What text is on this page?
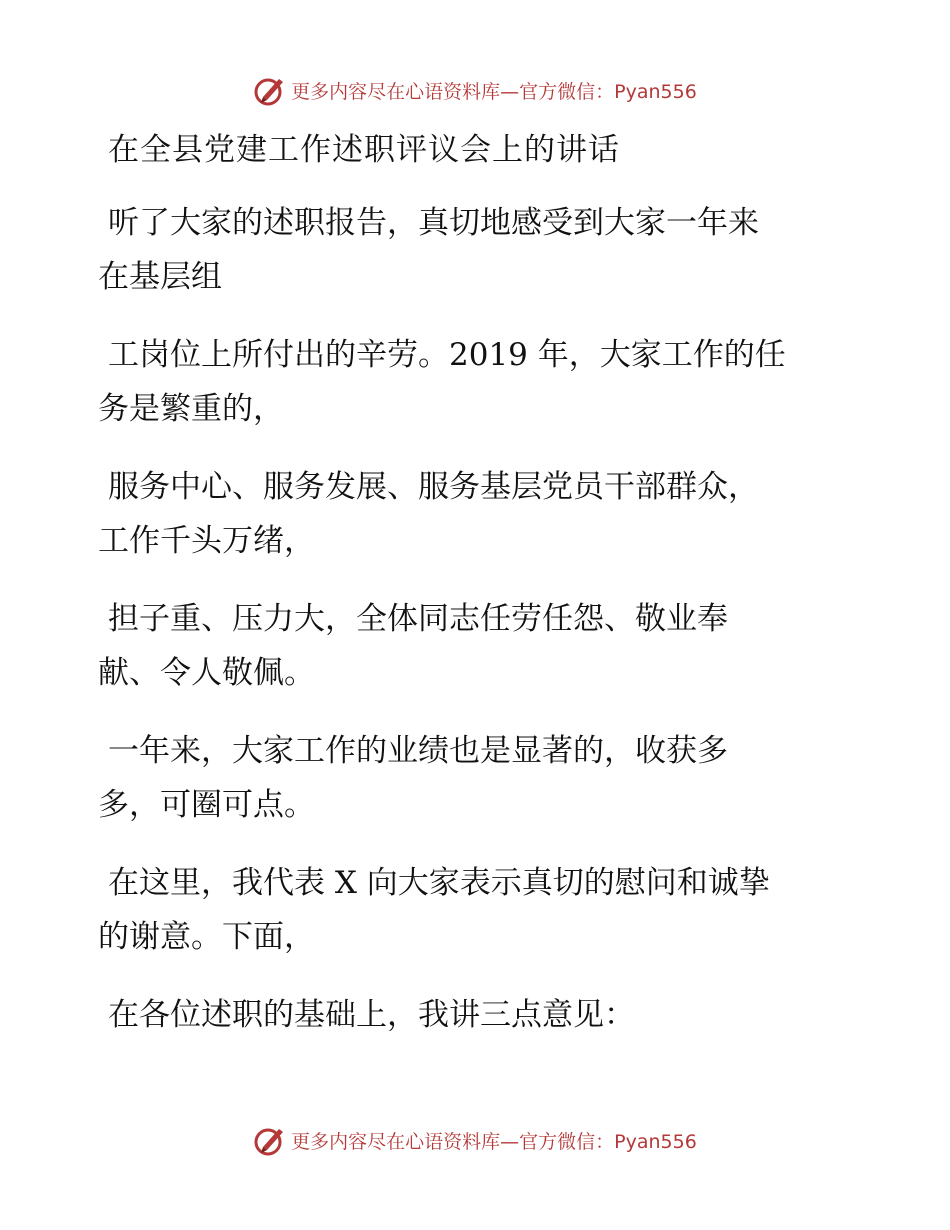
更多内容尽在心语资料库—官方微信：Pyan556
在全县党建工作述职评议会上的讲话
听了大家的述职报告，真切地感受到大家一年来
在基层组
工岗位上所付出的辛劳。2019 年，大家工作的任
务是繁重的，
服务中心、服务发展、服务基层党员干部群众，
工作千头万绪，
担子重、压力大，全体同志任劳任怨、敬业奉
献、令人敬佩。
一年来，大家工作的业绩也是显著的，收获多
多，可圈可点。
在这里，我代表 X 向大家表示真切的慰问和诚挚
的谢意。下面，
在各位述职的基础上，我讲三点意见：
更多内容尽在心语资料库—官方微信：Pyan556
